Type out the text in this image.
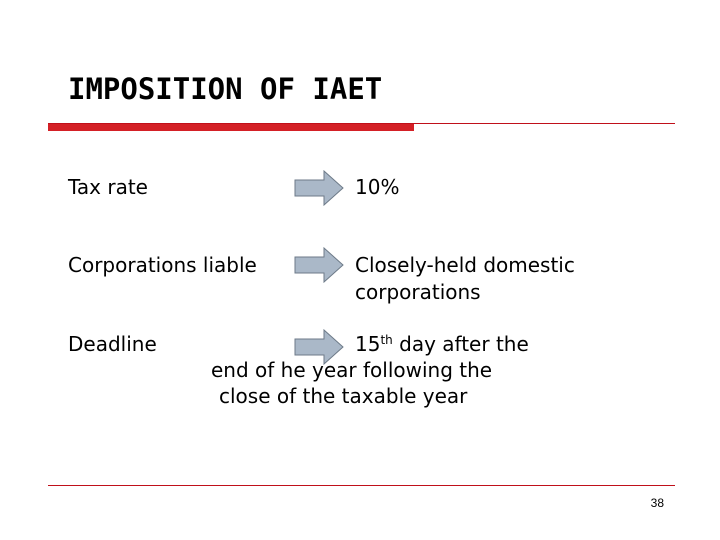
IMPOSITION OF IAET
Tax rate	10%
Corporations liable	Closely-held domestic
corporations
Deadline	15th day after the
end of he year following the
close of the taxable year
38
